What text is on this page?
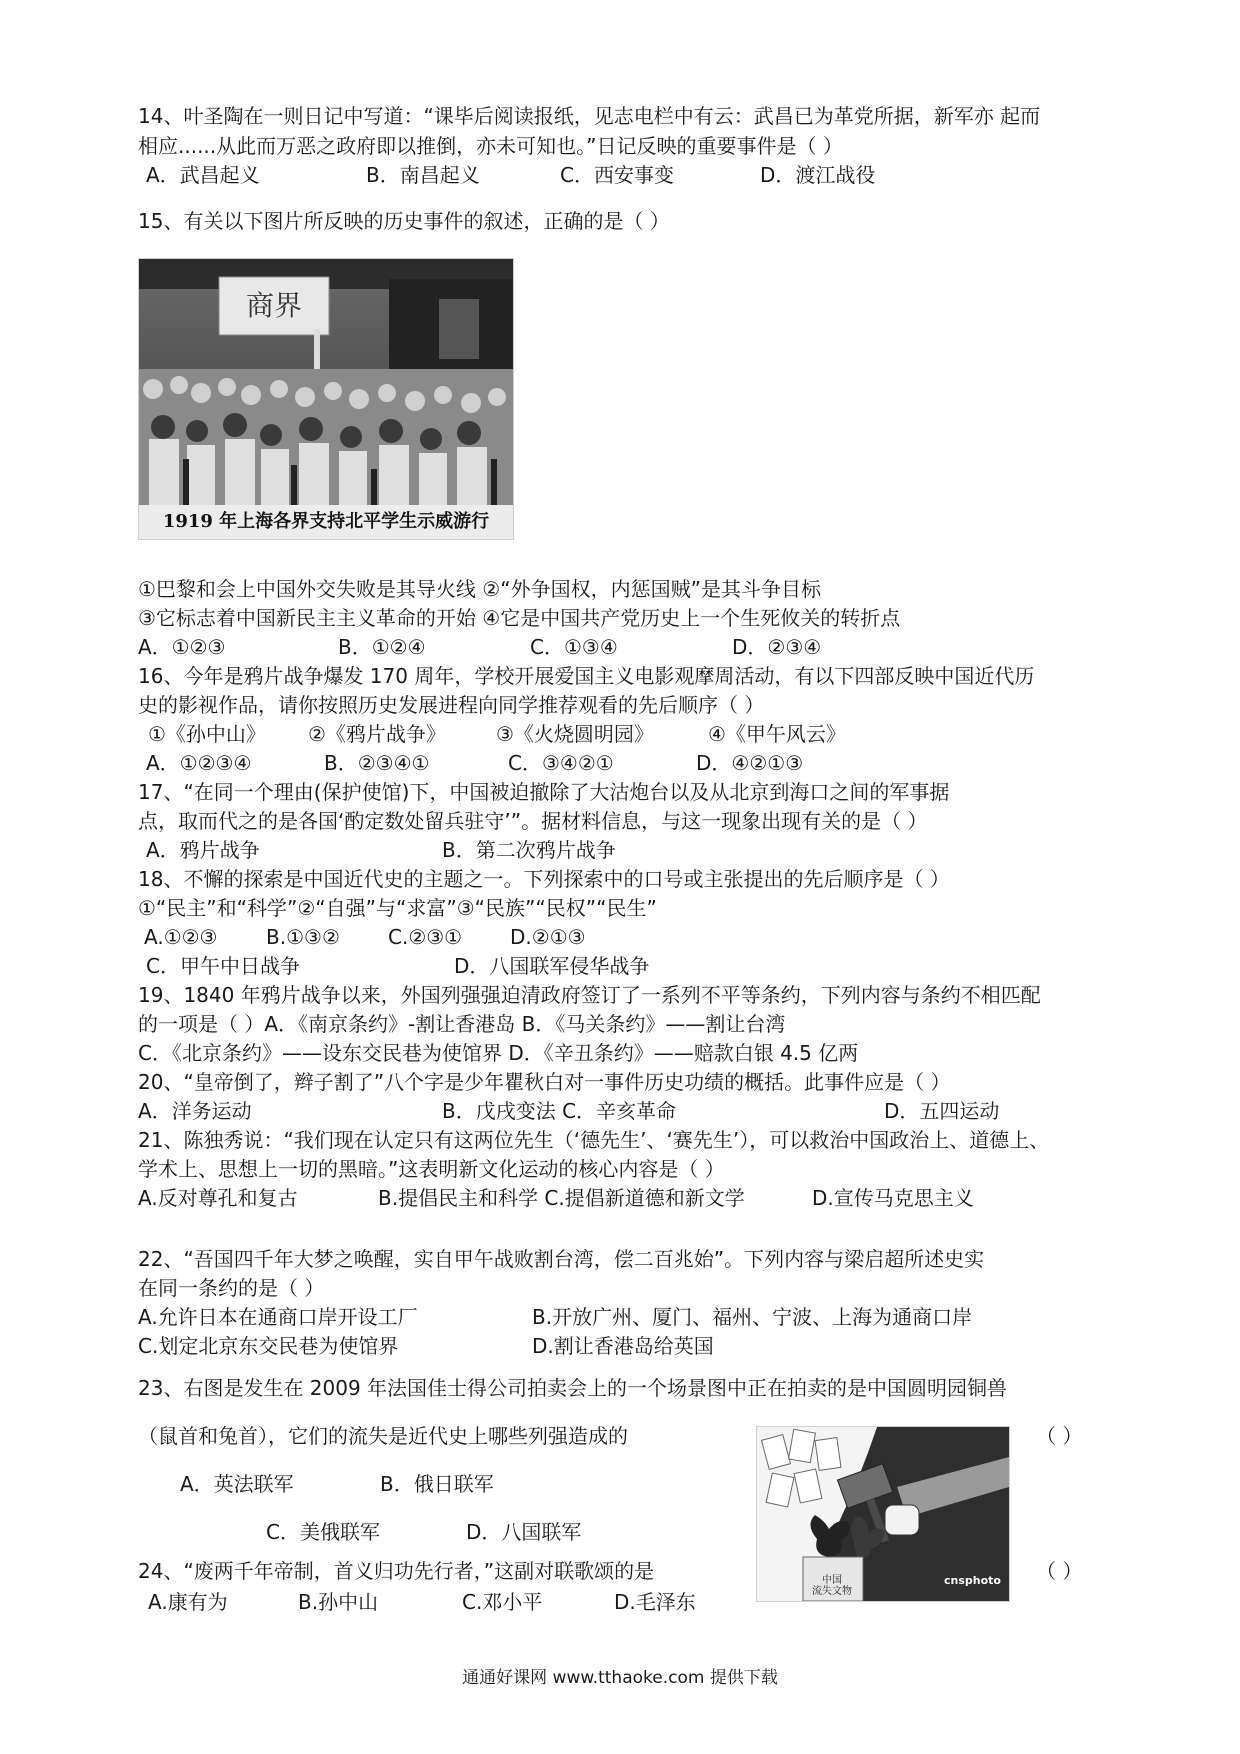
14、叶圣陶在一则日记中写道：“课毕后阅读报纸，见志电栏中有云：武昌已为革党所据，新军亦 起而
相应......从此而万恶之政府即以推倒，亦未可知也。”日记反映的重要事件是（ ）
A．武昌起义	B．南昌起义	C．西安事变	D．渡江战役
15、有关以下图片所反映的历史事件的叙述，正确的是（ ）
商界
1919 年上海各界支持北平学生示威游行
①巴黎和会上中国外交失败是其导火线 ②“外争国权，内惩国贼”是其斗争目标
③它标志着中国新民主主义革命的开始 ④它是中国共产党历史上一个生死攸关的转折点
A．①②③	B．①②④	C．①③④	D．②③④
16、今年是鸦片战争爆发 170 周年，学校开展爱国主义电影观摩周活动，有以下四部反映中国近代历
史的影视作品，请你按照历史发展进程向同学推荐观看的先后顺序（ ）
①《孙中山》 ②《鸦片战争》	③《火烧圆明园》	④《甲午风云》
A．①②③④	B．②③④①	C．③④②①	D．④②①③
17、“在同一个理由(保护使馆)下，中国被迫撤除了大沽炮台以及从北京到海口之间的军事据
点，取而代之的是各国‘酌定数处留兵驻守’”。据材料信息，与这一现象出现有关的是（ ）
A．鸦片战争	B．第二次鸦片战争
18、不懈的探索是中国近代史的主题之一。下列探索中的口号或主张提出的先后顺序是（ ）
①“民主”和“科学”②“自强”与“求富”③“民族”“民权”“民生”
A.①②③ B.①③② C.②③① D.②①③
C．甲午中日战争	D．八国联军侵华战争
19、1840 年鸦片战争以来，外国列强强迫清政府签订了一系列不平等条约，下列内容与条约不相匹配
的一项是（ ）A．《南京条约》-割让香港岛 B．《马关条约》——割让台湾
C．《北京条约》——设东交民巷为使馆界 D．《辛丑条约》——赔款白银 4.5 亿两
20、“皇帝倒了，辫子割了”八个字是少年瞿秋白对一事件历史功绩的概括。此事件应是（ ）
A．洋务运动	B．戊戌变法 C．辛亥革命	D．五四运动
21、陈独秀说：“我们现在认定只有这两位先生（‘德先生’、‘赛先生’），可以救治中国政治上、道德上、
学术上、思想上一切的黑暗。”这表明新文化运动的核心内容是（ ）
A.反对尊孔和复古	B.提倡民主和科学 C.提倡新道德和新文学	D.宣传马克思主义
22、“吾国四千年大梦之唤醒，实自甲午战败割台湾，偿二百兆始”。下列内容与梁启超所述史实
在同一条约的是（ ）
A.允许日本在通商口岸开设工厂	B.开放广州、厦门、福州、宁波、上海为通商口岸
C.划定北京东交民巷为使馆界	D.割让香港岛给英国
23、右图是发生在 2009 年法国佳士得公司拍卖会上的一个场景图中正在拍卖的是中国圆明园铜兽
（鼠首和兔首），它们的流失是近代史上哪些列强造成的	（ ）
A．英法联军	B．俄日联军
C．美俄联军	D．八国联军
中国
流失文物
cnsphoto
24、“废两千年帝制，首义归功先行者，”这副对联歌颂的是	（ ）
A.康有为	B.孙中山	C.邓小平	D.毛泽东
通通好课网 www.tthaoke.com 提供下载
